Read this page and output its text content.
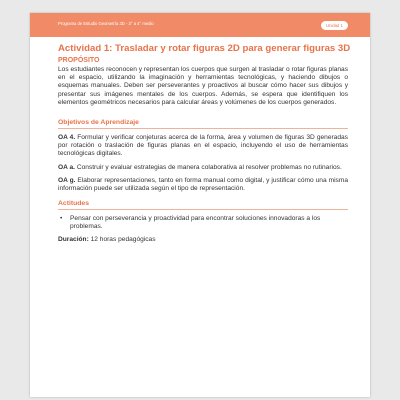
Programa de Estudio Geometría 3D - 3° a 4° medio	Unidad 1
Actividad 1: Trasladar y rotar figuras 2D para generar figuras 3D
PROPÓSITO

Los estudiantes reconocen y representan los cuerpos que surgen al trasladar o rotar figuras planas en el espacio, utilizando la imaginación y herramientas tecnológicas, y haciendo dibujos o esquemas manuales. Deben ser perseverantes y proactivos al buscar cómo hacer sus dibujos y presentar sus imágenes mentales de los cuerpos. Además, se espera que identifiquen los elementos geométricos necesarios para calcular áreas y volúmenes de los cuerpos generados.

Objetivos de Aprendizaje

OA 4. Formular y verificar conjeturas acerca de la forma, área y volumen de figuras 3D generadas por rotación o traslación de figuras planas en el espacio, incluyendo el uso de herramientas tecnológicas digitales.

OA a. Construir y evaluar estrategias de manera colaborativa al resolver problemas no rutinarios.

OA g. Elaborar representaciones, tanto en forma manual como digital, y justificar cómo una misma información puede ser utilizada según el tipo de representación.

Actitudes
•	Pensar con perseverancia y proactividad para encontrar soluciones innovadoras a los problemas.

Duración: 12 horas pedagógicas
